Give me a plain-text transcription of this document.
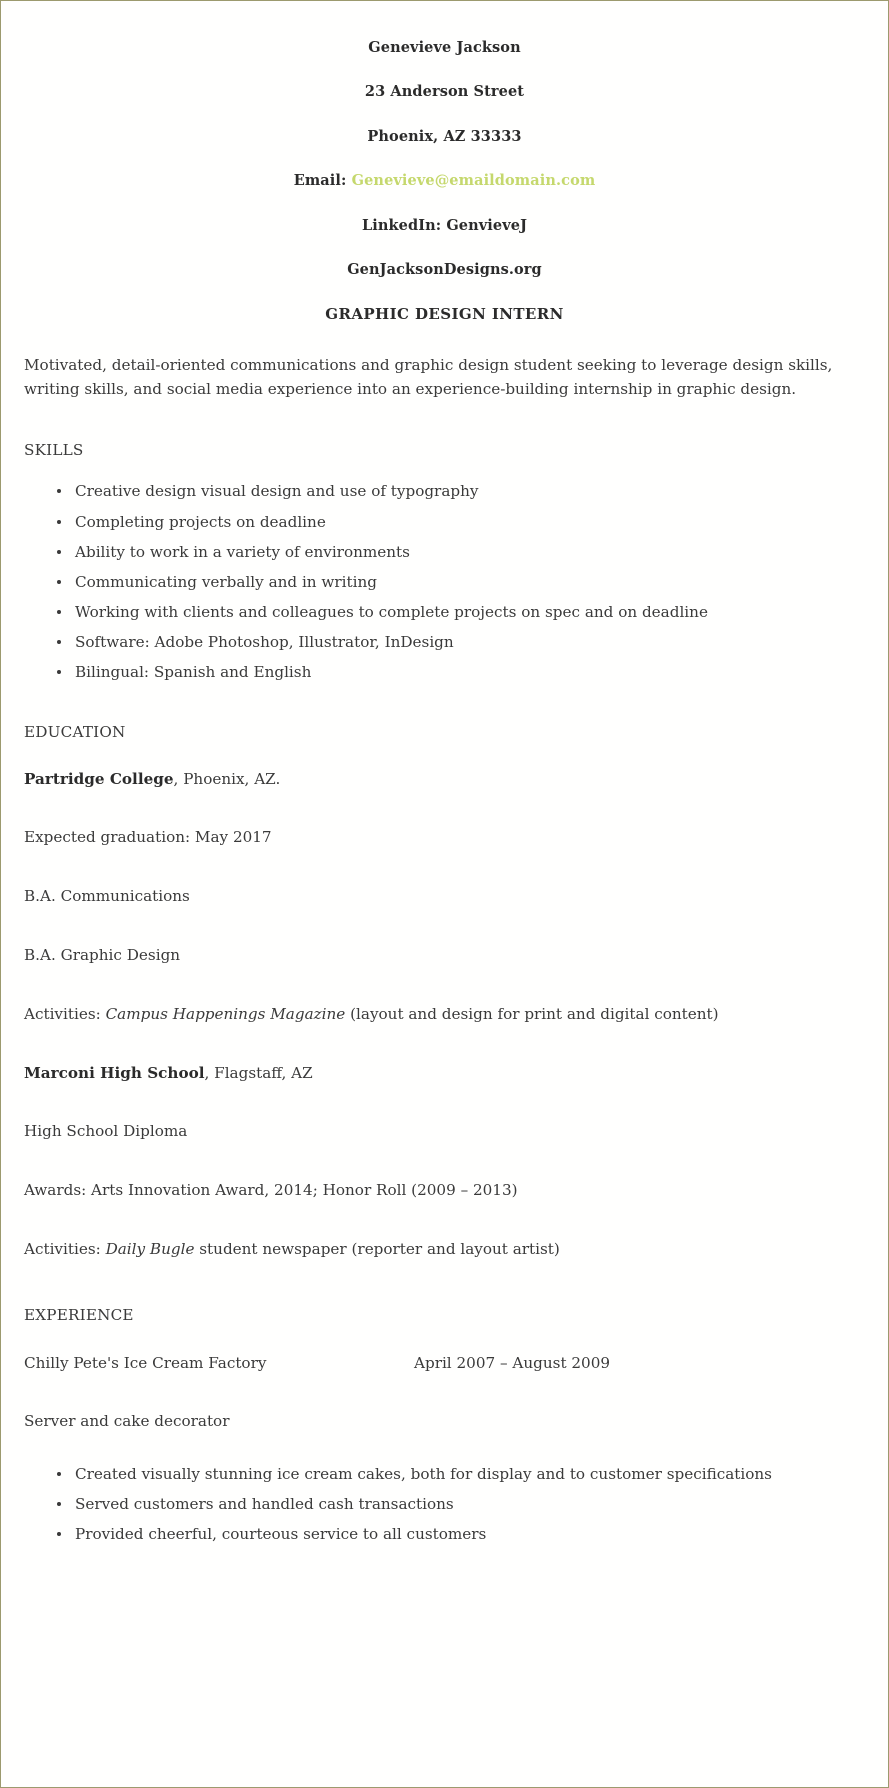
Genevieve Jackson
23 Anderson Street
Phoenix, AZ 33333
Email: Genevieve@emaildomain.com
LinkedIn: GenvieveJ
GenJacksonDesigns.org
GRAPHIC DESIGN INTERN

Motivated, detail-oriented communications and graphic design student seeking to leverage design skills, writing skills, and social media experience into an experience-building internship in graphic design.

SKILLS
Creative design visual design and use of typography
Completing projects on deadline
Ability to work in a variety of environments
Communicating verbally and in writing
Working with clients and colleagues to complete projects on spec and on deadline
Software: Adobe Photoshop, Illustrator, InDesign
Bilingual: Spanish and English
EDUCATION

Partridge College, Phoenix, AZ.

Expected graduation: May 2017

B.A. Communications

B.A. Graphic Design

Activities: Campus Happenings Magazine (layout and design for print and digital content)

Marconi High School, Flagstaff, AZ

High School Diploma

Awards: Arts Innovation Award, 2014; Honor Roll (2009 – 2013)

Activities: Daily Bugle student newspaper (reporter and layout artist)

EXPERIENCE
Chilly Pete's Ice Cream Factory	April 2007 – August 2009

Server and cake decorator

Created visually stunning ice cream cakes, both for display and to customer specifications
Served customers and handled cash transactions
Provided cheerful, courteous service to all customers
